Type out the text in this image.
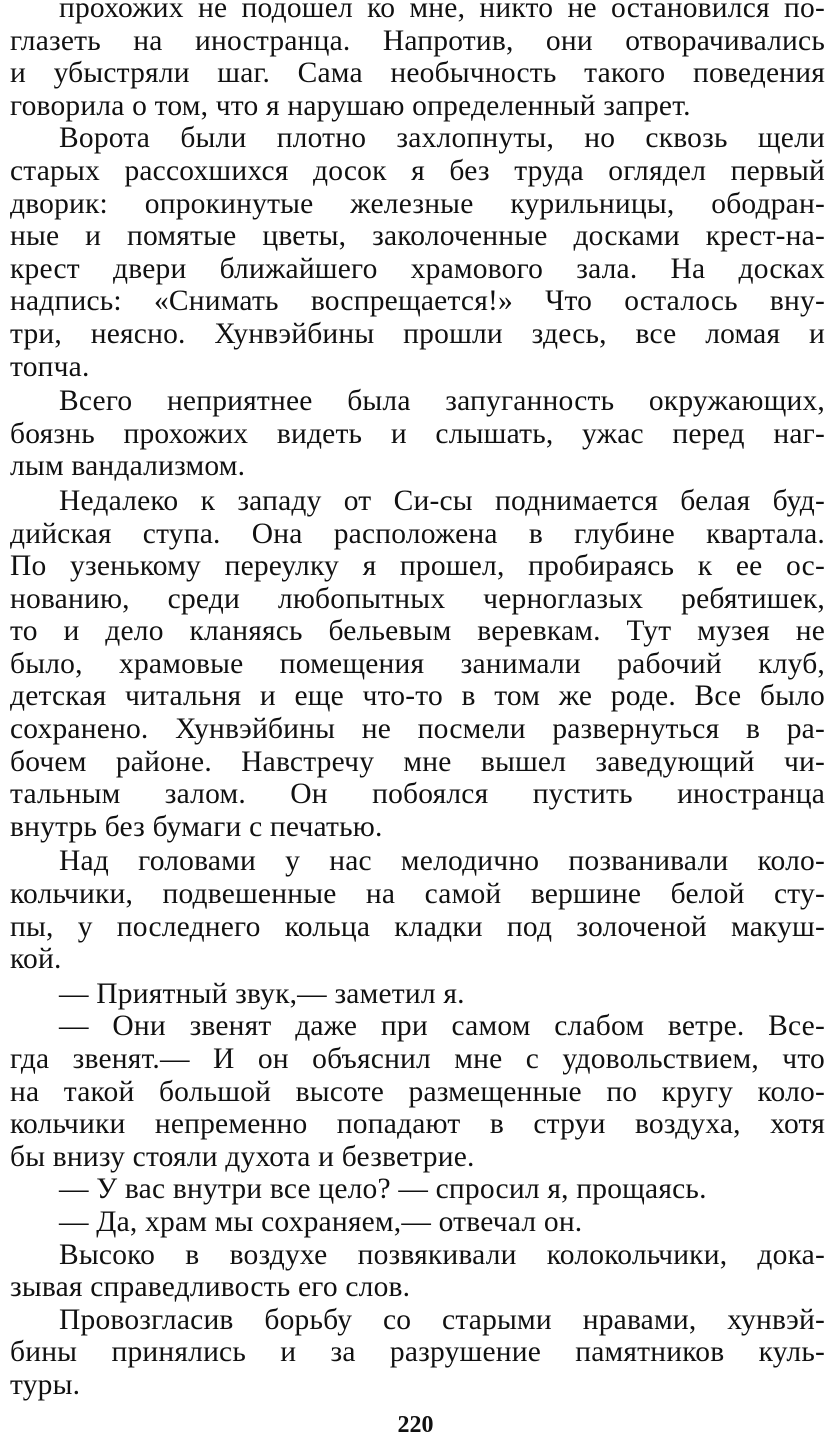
прохожих не подошел ко мне, никто не остановился по-
глазеть на иностранца. Напротив, они отворачивались
и убыстряли шаг. Сама необычность такого поведения
говорила о том, что я нарушаю определенный запрет.
Ворота были плотно захлопнуты, но сквозь щели
старых рассохшихся досок я без труда оглядел первый
дворик: опрокинутые железные курильницы, ободран-
ные и помятые цветы, заколоченные досками крест-на-
крест двери ближайшего храмового зала. На досках
надпись: «Снимать воспрещается!» Что осталось вну-
три, неясно. Хунвэйбины прошли здесь, все ломая и
топча.
Всего неприятнее была запуганность окружающих,
боязнь прохожих видеть и слышать, ужас перед наг-
лым вандализмом.
Недалеко к западу от Си-сы поднимается белая буд-
дийская ступа. Она расположена в глубине квартала.
По узенькому переулку я прошел, пробираясь к ее ос-
нованию, среди любопытных черноглазых ребятишек,
то и дело кланяясь бельевым веревкам. Тут музея не
было, храмовые помещения занимали рабочий клуб,
детская читальня и еще что-то в том же роде. Все было
сохранено. Хунвэйбины не посмели развернуться в ра-
бочем районе. Навстречу мне вышел заведующий чи-
тальным залом. Он побоялся пустить иностранца
внутрь без бумаги с печатью.
Над головами у нас мелодично позванивали коло-
кольчики, подвешенные на самой вершине белой сту-
пы, у последнего кольца кладки под золоченой макуш-
кой.
— Приятный звук,— заметил я.
— Они звенят даже при самом слабом ветре. Все-
гда звенят.— И он объяснил мне с удовольствием, что
на такой большой высоте размещенные по кругу коло-
кольчики непременно попадают в струи воздуха, хотя
бы внизу стояли духота и безветрие.
— У вас внутри все цело? — спросил я, прощаясь.
— Да, храм мы сохраняем,— отвечал он.
Высоко в воздухе позвякивали колокольчики, дока-
зывая справедливость его слов.
Провозгласив борьбу со старыми нравами, хунвэй-
бины принялись и за разрушение памятников куль-
туры.
220
